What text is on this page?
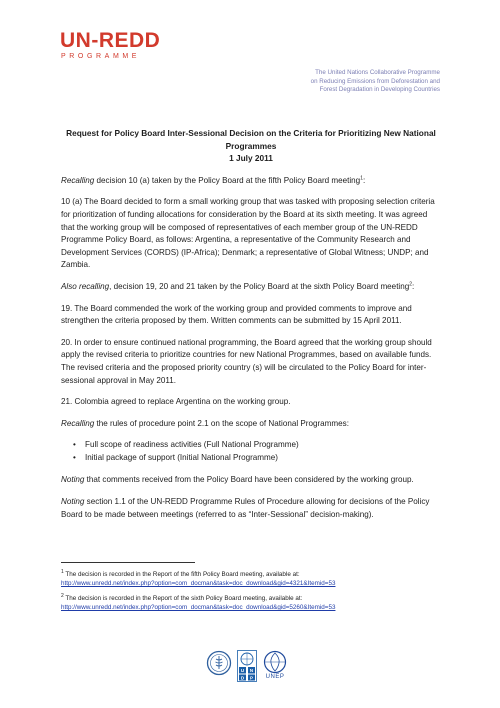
UN-REDD
PROGRAMME
The United Nations Collaborative Programme
on Reducing Emissions from Deforestation and
Forest Degradation in Developing Countries
Request for Policy Board Inter-Sessional Decision on the Criteria for Prioritizing New National
Programmes
1 July 2011

Recalling decision 10 (a) taken by the Policy Board at the fifth Policy Board meeting$^1$:

10 (a) The Board decided to form a small working group that was tasked with proposing selection criteria for prioritization of funding allocations for consideration by the Board at its sixth meeting. It was agreed that the working group will be composed of representatives of each member group of the UN-REDD Programme Policy Board, as follows: Argentina, a representative of the Community Research and Development Services (CORDS) (IP-Africa); Denmark; a representative of Global Witness; UNDP; and Zambia.

Also recalling, decision 19, 20 and 21 taken by the Policy Board at the sixth Policy Board meeting$^2$:

19. The Board commended the work of the working group and provided comments to improve and strengthen the criteria proposed by them. Written comments can be submitted by 15 April 2011.

20. In order to ensure continued national programming, the Board agreed that the working group should apply the revised criteria to prioritize countries for new National Programmes, based on available funds. The revised criteria and the proposed priority country (s) will be circulated to the Policy Board for inter-sessional approval in May 2011.

21. Colombia agreed to replace Argentina on the working group.

Recalling the rules of procedure point 2.1 on the scope of National Programmes:

• Full scope of readiness activities (Full National Programme)
• Initial package of support (Initial National Programme)

Noting that comments received from the Policy Board have been considered by the working group.

Noting section 1.1 of the UN-REDD Programme Rules of Procedure allowing for decisions of the Policy Board to be made between meetings (referred to as “Inter-Sessional” decision-making).

$^1$ The decision is recorded in the Report of the fifth Policy Board meeting, available at:
http://www.unredd.net/index.php?option=com_docman&task=doc_download&gid=4321&Itemid=53
$^2$ The decision is recorded in the Report of the sixth Policy Board meeting, available at:
http://www.unredd.net/index.php?option=com_docman&task=doc_download&gid=5260&Itemid=53
U N
D P UNEP
